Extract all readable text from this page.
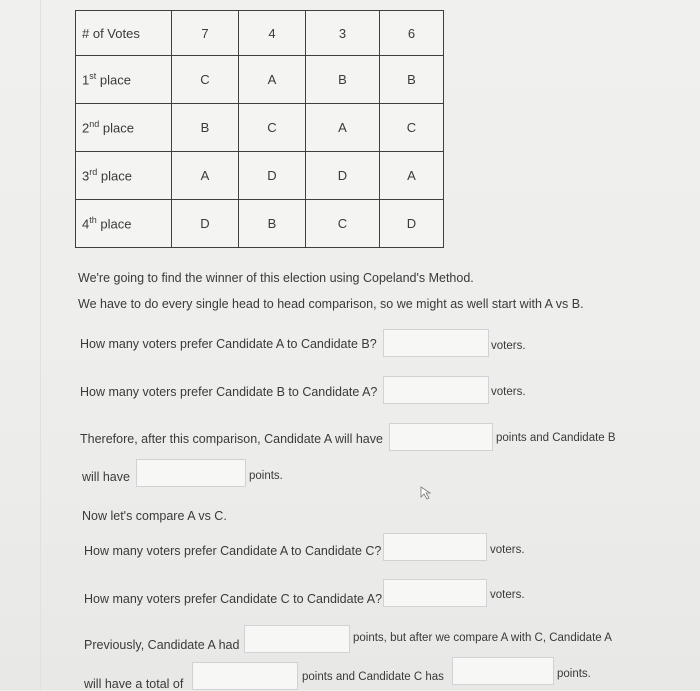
# of Votes	7	4	3	6
1st place	C	A	B	B
2nd place	B	C	A	C
3rd place	A	D	D	A
4th place	D	B	C	D
We're going to find the winner of this election using Copeland's Method.
We have to do every single head to head comparison, so we might as well start with A vs B.
How many voters prefer Candidate A to Candidate B?	voters.
How many voters prefer Candidate B to Candidate A?	voters.
Therefore, after this comparison, Candidate A will have	points and Candidate B
will have	points.
Now let's compare A vs C.
How many voters prefer Candidate A to Candidate C?	voters.
How many voters prefer Candidate C to Candidate A?	voters.
Previously, Candidate A had	points, but after we compare A with C, Candidate A
will have a total of	points and Candidate C has	points.
